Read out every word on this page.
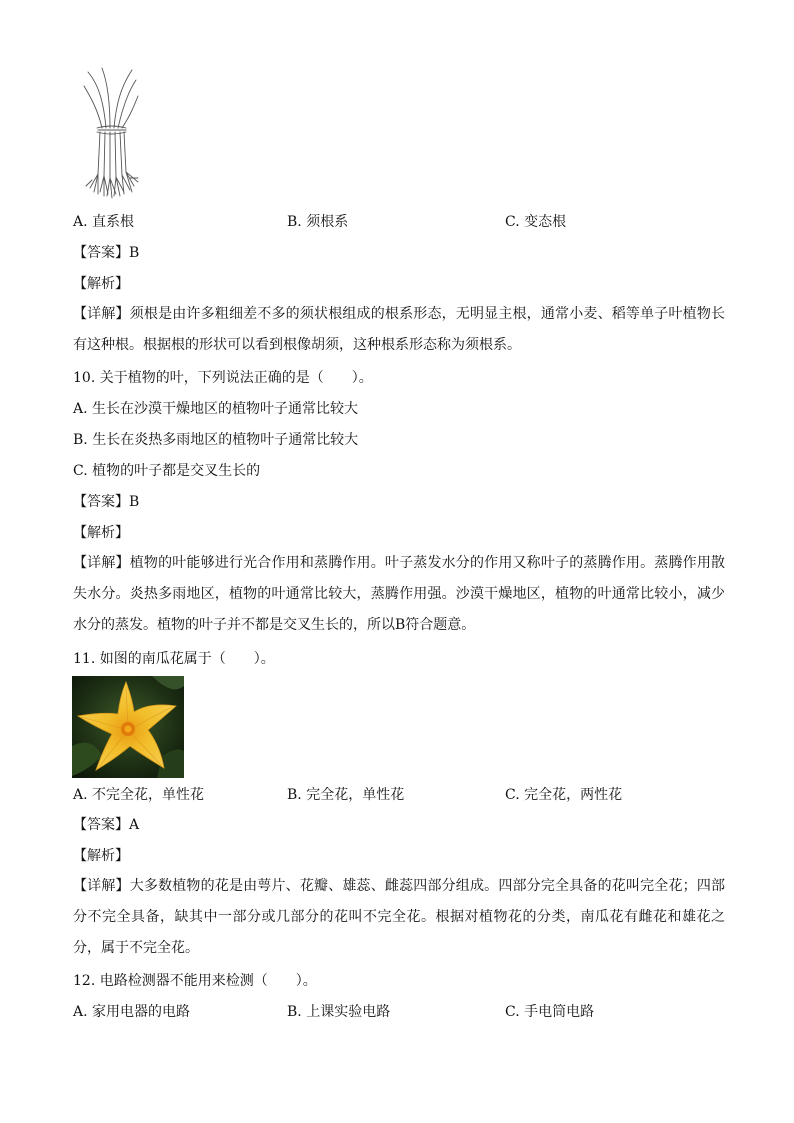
A. 直系根	B. 须根系	C. 变态根
【答案】B
【解析】
【详解】须根是由许多粗细差不多的须状根组成的根系形态，无明显主根，通常小麦、稻等单子叶植物长有这种根。根据根的形状可以看到根像胡须，这种根系形态称为须根系。
10. 关于植物的叶，下列说法正确的是（　　）。
A. 生长在沙漠干燥地区的植物叶子通常比较大
B. 生长在炎热多雨地区的植物叶子通常比较大
C. 植物的叶子都是交叉生长的
【答案】B
【解析】
【详解】植物的叶能够进行光合作用和蒸腾作用。叶子蒸发水分的作用又称叶子的蒸腾作用。蒸腾作用散失水分。炎热多雨地区，植物的叶通常比较大，蒸腾作用强。沙漠干燥地区，植物的叶通常比较小，减少水分的蒸发。植物的叶子并不都是交叉生长的，所以B符合题意。
11. 如图的南瓜花属于（　　）。
A. 不完全花，单性花	B. 完全花，单性花	C. 完全花，两性花
【答案】A
【解析】
【详解】大多数植物的花是由萼片、花瓣、雄蕊、雌蕊四部分组成。四部分完全具备的花叫完全花；四部分不完全具备，缺其中一部分或几部分的花叫不完全花。根据对植物花的分类，南瓜花有雌花和雄花之分，属于不完全花。
12. 电路检测器不能用来检测（　　）。
A. 家用电器的电路	B. 上课实验电路	C. 手电筒电路
